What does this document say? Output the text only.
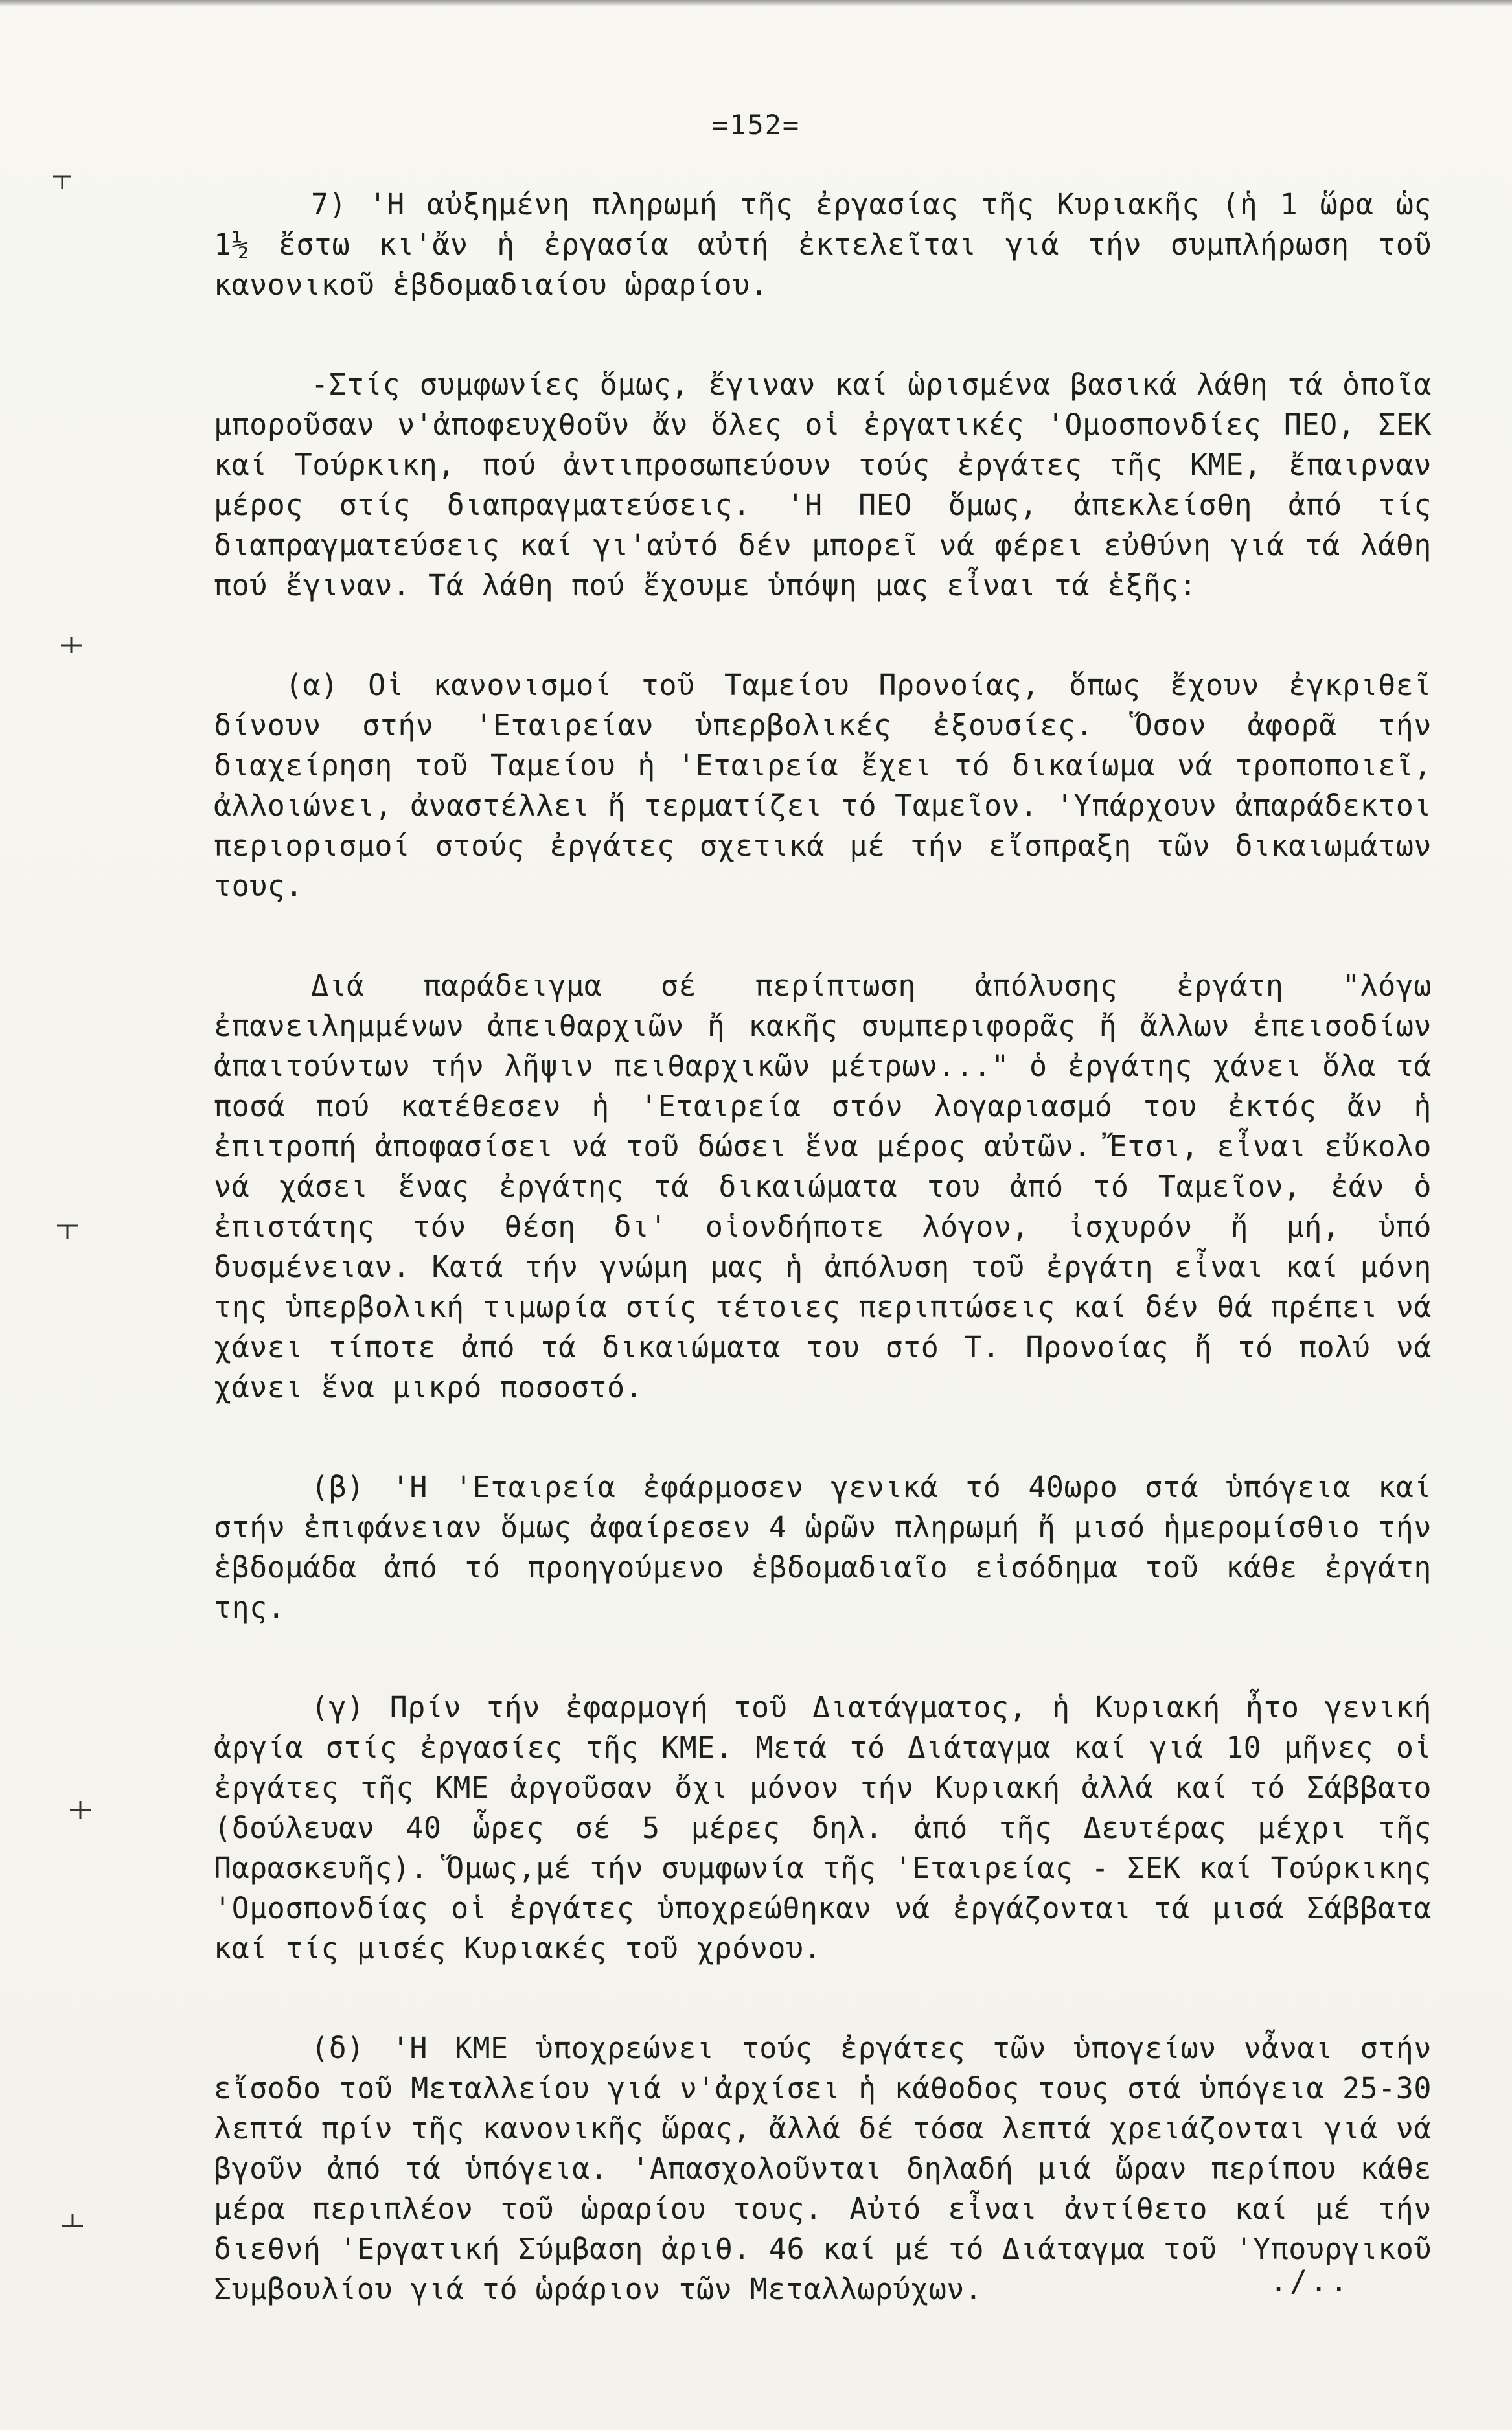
=152=

7) 'Η αὐξημένη πληρωμή τῆς ἐργασίας τῆς Κυριακῆς (ἡ 1 ὥρα ὡς 1½ ἔστω κι'ἄν ἡ ἐργασία αὐτή ἐκτελεῖται γιά τήν συμπλήρωση τοῦ κανονικοῦ ἑβδομαδιαίου ὡραρίου.

-Στίς συμφωνίες ὅμως, ἔγιναν καί ὡρισμένα βασικά λάθη τά ὁποῖα μποροῦσαν ν'ἀποφευχθοῦν ἄν ὅλες οἱ ἐργατικές 'Ομοσπονδίες ΠΕΟ, ΣΕΚ καί Τούρκικη, πού ἀντιπροσωπεύουν τούς ἐργάτες τῆς ΚΜΕ, ἔπαιρναν μέρος στίς διαπραγματεύσεις. 'Η ΠΕΟ ὅμως, ἀπεκλείσθη ἀπό τίς διαπραγματεύσεις καί γι'αὐτό δέν μπορεῖ νά φέρει εὐθύνη γιά τά λάθη πού ἔγιναν. Τά λάθη πού ἔχουμε ὑπόψη μας εἶναι τά ἑξῆς:

(α) Οἱ κανονισμοί τοῦ Ταμείου Προνοίας, ὅπως ἔχουν ἐγκριθεῖ δίνουν στήν 'Εταιρείαν ὑπερβολικές ἐξουσίες. Ὅσον ἀφορᾶ τήν διαχείρηση τοῦ Ταμείου ἡ 'Εταιρεία ἔχει τό δικαίωμα νά τροποποιεῖ, ἀλλοιώνει, ἀναστέλλει ἤ τερματίζει τό Ταμεῖον. 'Υπάρχουν ἀπαράδεκτοι περιορισμοί στούς ἐργάτες σχετικά μέ τήν εἴσπραξη τῶν δικαιωμάτων τους.

Διά παράδειγμα σέ περίπτωση ἀπόλυσης ἐργάτη "λόγω ἐπανειλημμένων ἀπειθαρχιῶν ἤ κακῆς συμπεριφορᾶς ἤ ἄλλων ἐπεισοδίων ἀπαιτούντων τήν λῆψιν πειθαρχικῶν μέτρων..." ὁ ἐργάτης χάνει ὅλα τά ποσά πού κατέθεσεν ἡ 'Εταιρεία στόν λογαριασμό του ἐκτός ἄν ἡ ἐπιτροπή ἀποφασίσει νά τοῦ δώσει ἕνα μέρος αὐτῶν. Ἔτσι, εἶναι εὔκολο νά χάσει ἕνας ἐργάτης τά δικαιώματα του ἀπό τό Ταμεῖον, ἐάν ὁ ἐπιστάτης τόν θέση δι' οἱονδήποτε λόγον, ἰσχυρόν ἤ μή, ὑπό δυσμένειαν. Κατά τήν γνώμη μας ἡ ἀπόλυση τοῦ ἐργάτη εἶναι καί μόνη της ὑπερβολική τιμωρία στίς τέτοιες περιπτώσεις καί δέν θά πρέπει νά χάνει τίποτε ἀπό τά δικαιώματα του στό Τ. Προνοίας ἤ τό πολύ νά χάνει ἕνα μικρό ποσοστό.

(β) 'Η 'Εταιρεία ἐφάρμοσεν γενικά τό 40ωρο στά ὑπόγεια καί στήν ἐπιφάνειαν ὅμως ἀφαίρεσεν 4 ὡρῶν πληρωμή ἤ μισό ἡμερομίσθιο τήν ἑβδομάδα ἀπό τό προηγούμενο ἑβδομαδιαῖο εἰσόδημα τοῦ κάθε ἐργάτη της.

(γ) Πρίν τήν ἐφαρμογή τοῦ Διατάγματος, ἡ Κυριακή ἦτο γενική ἀργία στίς ἐργασίες τῆς ΚΜΕ. Μετά τό Διάταγμα καί γιά 10 μῆνες οἱ ἐργάτες τῆς ΚΜΕ ἀργοῦσαν ὄχι μόνον τήν Κυριακή ἀλλά καί τό Σάββατο (δούλευαν 40 ὧρες σέ 5 μέρες δηλ. ἀπό τῆς Δευτέρας μέχρι τῆς Παρασκευῆς). Ὅμως,μέ τήν συμφωνία τῆς 'Εταιρείας - ΣΕΚ καί Τούρκικης 'Ομοσπονδίας οἱ ἐργάτες ὑποχρεώθηκαν νά ἐργάζονται τά μισά Σάββατα καί τίς μισές Κυριακές τοῦ χρόνου.

(δ) 'Η ΚΜΕ ὑποχρεώνει τούς ἐργάτες τῶν ὑπογείων νἆναι στήν εἴσοδο τοῦ Μεταλλείου γιά ν'ἀρχίσει ἡ κάθοδος τους στά ὑπόγεια 25-30 λεπτά πρίν τῆς κανονικῆς ὥρας, ἄλλά δέ τόσα λεπτά χρειάζονται γιά νά βγοῦν ἀπό τά ὑπόγεια. 'Απασχολοῦνται δηλαδή μιά ὥραν περίπου κάθε μέρα περιπλέον τοῦ ὡραρίου τους. Αὐτό εἶναι ἀντίθετο καί μέ τήν διεθνή 'Εργατική Σύμβαση ἀριθ. 46 καί μέ τό Διάταγμα τοῦ 'Υπουργικοῦ Συμβουλίου γιά τό ὡράριον τῶν Μεταλλωρύχων.	./..
